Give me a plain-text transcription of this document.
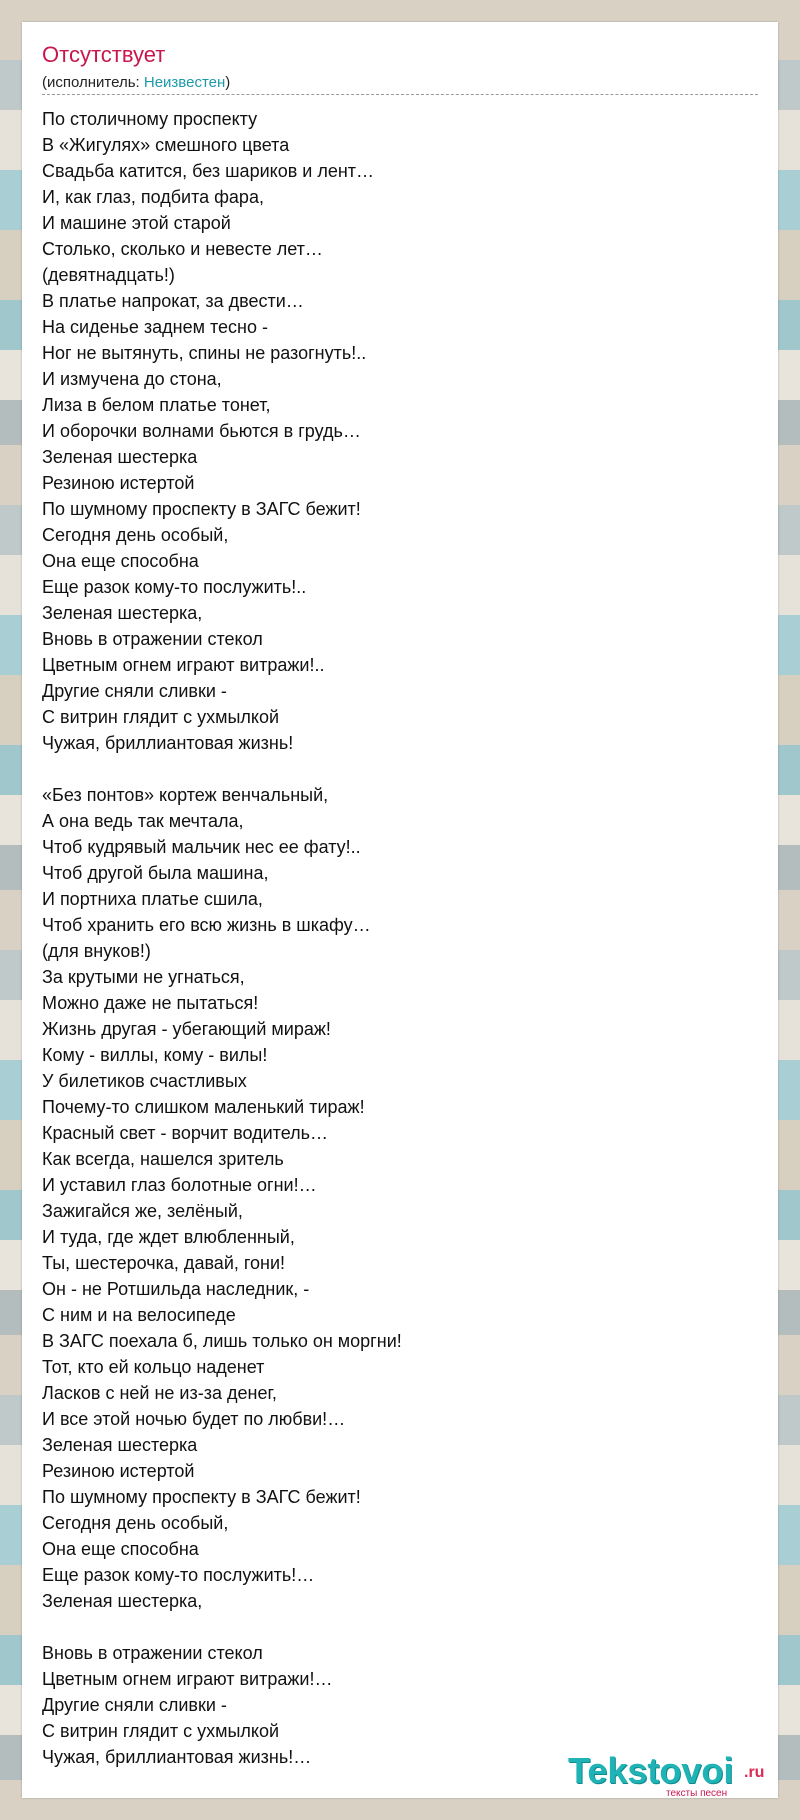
Отсутствует
(исполнитель: Неизвестен)
По столичному проспекту
В «Жигулях» смешного цвета
Свадьба катится, без шариков и лент…
И, как глаз, подбита фара,
И машине этой старой
Столько, сколько и невесте лет…
(девятнадцать!)
В платье напрокат, за двести…
На сиденье заднем тесно -
Ног не вытянуть, спины не разогнуть!..
И измучена до стона,
Лиза в белом платье тонет,
И оборочки волнами бьются в грудь…
Зеленая шестерка
Резиною истертой
По шумному проспекту в ЗАГС бежит!
Сегодня день особый,
Она еще способна
Еще разок кому-то послужить!..
Зеленая шестерка,
Вновь в отражении стекол
Цветным огнем играют витражи!..
Другие сняли сливки -
С витрин глядит с ухмылкой
Чужая, бриллиантовая жизнь!
«Без понтов» кортеж венчальный,
А она ведь так мечтала,
Чтоб кудрявый мальчик нес ее фату!..
Чтоб другой была машина,
И портниха платье сшила,
Чтоб хранить его всю жизнь в шкафу…
(для внуков!)
За крутыми не угнаться,
Можно даже не пытаться!
Жизнь другая - убегающий мираж!
Кому - виллы, кому - вилы!
У билетиков счастливых
Почему-то слишком маленький тираж!
Красный свет - ворчит водитель…
Как всегда, нашелся зритель
И уставил глаз болотные огни!…
Зажигайся же, зелёный,
И туда, где ждет влюбленный,
Ты, шестерочка, давай, гони!
Он - не Ротшильда наследник, -
С ним и на велосипеде
В ЗАГС поехала б, лишь только он моргни!
Тот, кто ей кольцо наденет
Ласков с ней не из-за денег,
И все этой ночью будет по любви!…
Зеленая шестерка
Резиною истертой
По шумному проспекту в ЗАГС бежит!
Сегодня день особый,
Она еще способна
Еще разок кому-то послужить!…
Зеленая шестерка,
Вновь в отражении стекол
Цветным огнем играют витражи!…
Другие сняли сливки -
С витрин глядит с ухмылкой
Чужая, бриллиантовая жизнь!…	Tekstovoi .ru
тексты песен
